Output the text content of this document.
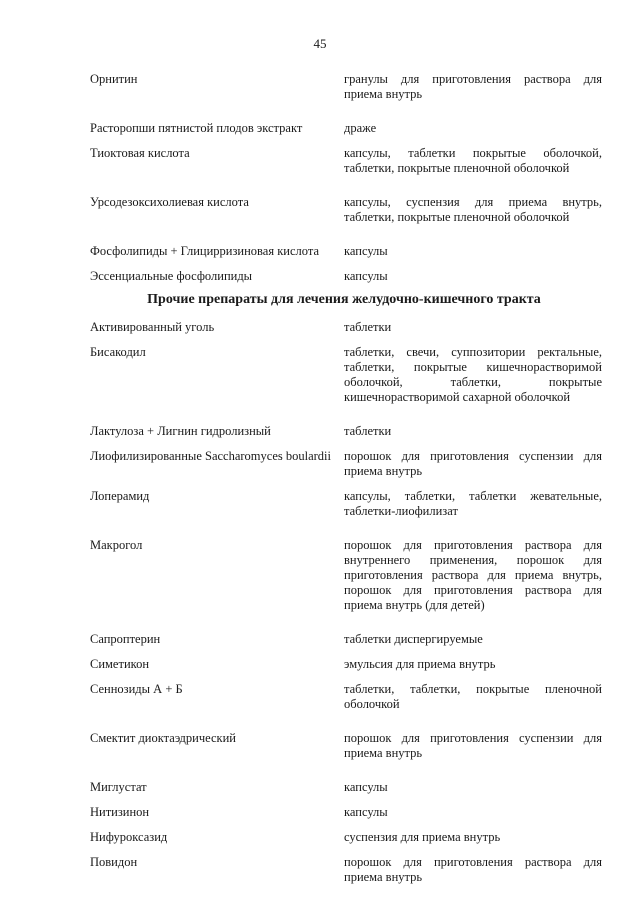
45
Орнитин	гранулы для приготовления раствора для приема внутрь
Расторопши пятнистой плодов экстракт	драже
Тиоктовая кислота	капсулы, таблетки покрытые оболочкой, таблетки, покрытые пленочной оболочкой
Урсодезоксихолиевая кислота	капсулы, суспензия для приема внутрь, таблетки, покрытые пленочной оболочкой
Фосфолипиды + Глицирризиновая кислота	капсулы
Эссенциальные фосфолипиды	капсулы
Прочие препараты для лечения желудочно-кишечного тракта
Активированный уголь	таблетки
Бисакодил	таблетки, свечи, суппозитории ректальные, таблетки, покрытые кишечнорастворимой оболочкой, таблетки, покрытые кишечнорастворимой сахарной оболочкой
Лактулоза + Лигнин гидролизный	таблетки
Лиофилизированные Saccharomyces boulardii	порошок для приготовления суспензии для приема внутрь
Лоперамид	капсулы, таблетки, таблетки жевательные, таблетки-лиофилизат
Макрогол	порошок для приготовления раствора для внутреннего применения, порошок для приготовления раствора для приема внутрь, порошок для приготовления раствора для приема внутрь (для детей)
Сапроптерин	таблетки диспергируемые
Симетикон	эмульсия для приема внутрь
Сеннозиды А + Б	таблетки, таблетки, покрытые пленочной оболочкой
Смектит диоктаэдрический	порошок для приготовления суспензии для приема внутрь
Миглустат	капсулы
Нитизинон	капсулы
Нифуроксазид	суспензия для приема внутрь
Повидон	порошок для приготовления раствора для приема внутрь
